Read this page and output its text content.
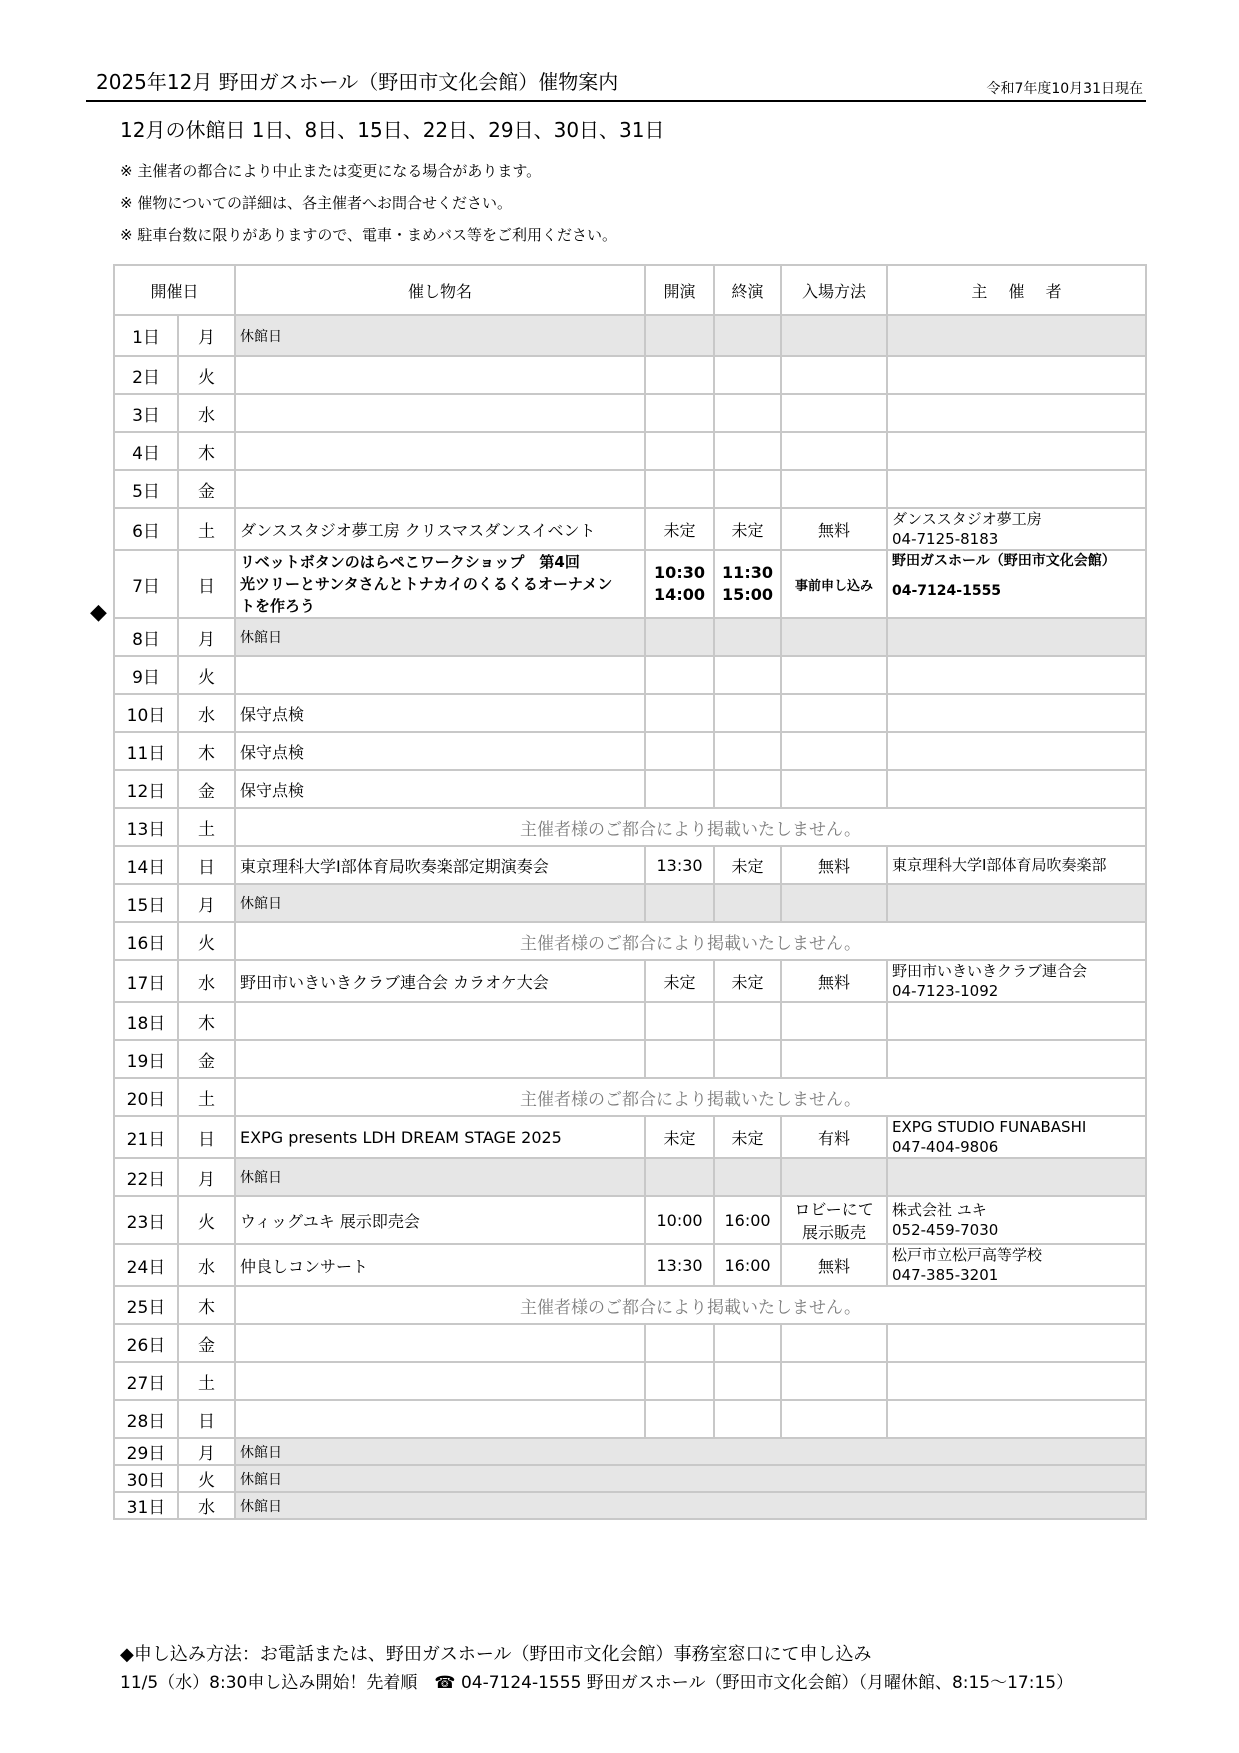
2025年12月 野田ガスホール（野田市文化会館）催物案内	令和7年度10月31日現在
12月の休館日 1日、8日、15日、22日、29日、30日、31日
※ 主催者の都合により中止または変更になる場合があります。
※ 催物についての詳細は、各主催者へお問合せください。
※ 駐車台数に限りがありますので、電車・まめバス等をご利用ください。
開催日		催し物名	開演	終演	入場方法	主　 催　 者
1日	月	休館日				
2日	火					
3日	水					
4日	木					
5日	金					
6日	土	ダンススタジオ夢工房 クリスマスダンスイベント	未定	未定	無料	ダンススタジオ夢工房
04-7125-8183

7日	日	リベットボタンのはらぺこワークショップ　第4回
光ツリーとサンタさんとトナカイのくるくるオーナメン
トを作ろう	10:30
14:00	11:30
15:00	事前申し込み	野田ガスホール（野田市文化会館）
04-7124-1555

8日	月	休館日				
9日	火					
10日	水	保守点検				
11日	木	保守点検				
12日	金	保守点検				
13日	土	主催者様のご都合により掲載いたしません。				
14日	日	東京理科大学I部体育局吹奏楽部定期演奏会	13:30	未定	無料	東京理科大学I部体育局吹奏楽部

15日	月	休館日				
16日	火	主催者様のご都合により掲載いたしません。				
17日	水	野田市いきいきクラブ連合会 カラオケ大会	未定	未定	無料	野田市いきいきクラブ連合会
04-7123-1092

18日	木					
19日	金					
20日	土	主催者様のご都合により掲載いたしません。				
21日	日	EXPG presents LDH DREAM STAGE 2025	未定	未定	有料	EXPG STUDIO FUNABASHI
047-404-9806

22日	月	休館日				
23日	火	ウィッグユキ 展示即売会	10:00	16:00	ロビーにて
展示販売	株式会社 ユキ
052-459-7030

24日	水	仲良しコンサート	13:30	16:00	無料	松戸市立松戸高等学校
047-385-3201

25日	木	主催者様のご都合により掲載いたしません。				
26日	金					
27日	土					
28日	日					
29日	月	休館日				
30日	火	休館日				
31日	水	休館日				
◆
◆申し込み方法：お電話または、野田ガスホール（野田市文化会館）事務室窓口にて申し込み
11/5（水）8:30申し込み開始！先着順　☎ 04-7124-1555 野田ガスホール（野田市文化会館）（月曜休館、8:15～17:15）
